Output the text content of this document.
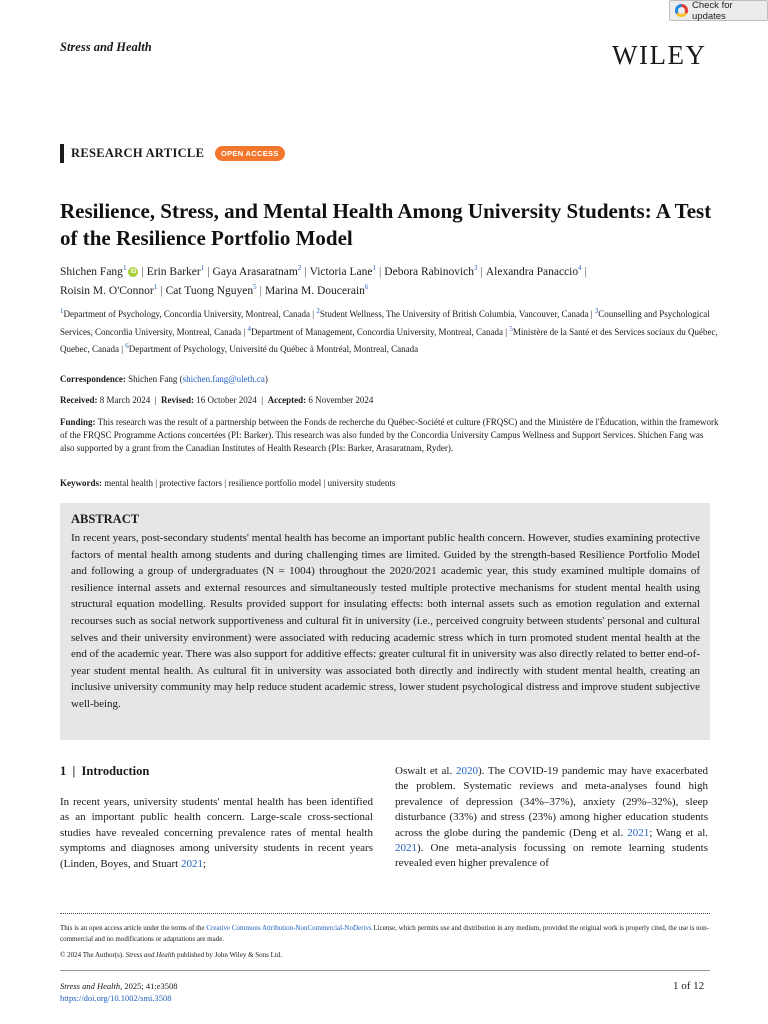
Check for updates
Stress and Health	WILEY
RESEARCH ARTICLE	OPEN ACCESS
Resilience, Stress, and Mental Health Among University Students: A Test of the Resilience Portfolio Model
Shichen Fang$^1$iD | Erin Barker$^1$ | Gaya Arasaratnam$^2$ | Victoria Lane$^1$ | Debora Rabinovich$^3$ | Alexandra Panaccio$^4$ |
Roisin M. O'Connor$^1$ | Cat Tuong Nguyen$^5$ | Marina M. Doucerain$^6$
$^1$Department of Psychology, Concordia University, Montreal, Canada | $^2$Student Wellness, The University of British Columbia, Vancouver, Canada | $^3$Counselling and Psychological Services, Concordia University, Montreal, Canada | $^4$Department of Management, Concordia University, Montreal, Canada | $^5$Ministère de la Santé et des Services sociaux du Québec, Quebec, Canada | $^6$Department of Psychology, Université du Québec à Montréal, Montreal, Canada
Correspondence: Shichen Fang (shichen.fang@uleth.ca)
Received: 8 March 2024  |  Revised: 16 October 2024  |  Accepted: 6 November 2024
Funding: This research was the result of a partnership between the Fonds de recherche du Québec-Société et culture (FRQSC) and the Ministère de l'Éducation, within the framework of the FRQSC Programme Actions concertées (PI: Barker). This research was also funded by the Concordia University Campus Wellness and Support Services. Shichen Fang was also supported by a grant from the Canadian Institutes of Health Research (PIs: Barker, Arasaratnam, Ryder).
Keywords: mental health | protective factors | resilience portfolio model | university students
ABSTRACT

In recent years, post-secondary students' mental health has become an important public health concern. However, studies examining protective factors of mental health among students and during challenging times are limited. Guided by the strength-based Resilience Portfolio Model and following a group of undergraduates (N = 1004) throughout the 2020/2021 academic year, this study examined multiple domains of resilience internal assets and external resources and simultaneously tested multiple protective mechanisms for student mental health using structural equation modelling. Results provided support for insulating effects: both internal assets such as emotion regulation and external recourses such as social network supportiveness and cultural fit in university (i.e., perceived congruity between students' personal and cultural selves and their university environment) were associated with reducing academic stress which in turn promoted student mental health at the end of the academic year. There was also support for additive effects: greater cultural fit in university was also directly related to better end-of-year student mental health. As cultural fit in university was associated both directly and indirectly with student mental health, creating an inclusive university community may help reduce student academic stress, lower student psychological distress and improve student subjective well-being.

1 | Introduction

In recent years, university students' mental health has been identified as an important public health concern. Large-scale cross-sectional studies have revealed concerning prevalence rates of mental health symptoms and diagnoses among university students in recent years (Linden, Boyes, and Stuart 2021;

Oswalt et al. 2020). The COVID-19 pandemic may have exacerbated the problem. Systematic reviews and meta-analyses found high prevalence of depression (34%–37%), anxiety (29%–32%), sleep disturbance (33%) and stress (23%) among higher education students across the globe during the pandemic (Deng et al. 2021; Wang et al. 2021). One meta-analysis focussing on remote learning students revealed even higher prevalence of

This is an open access article under the terms of the Creative Commons Attribution-NonCommercial-NoDerivs License, which permits use and distribution in any medium, provided the original work is properly cited, the use is non-commercial and no modifications or adaptations are made.
© 2024 The Author(s). Stress and Health published by John Wiley & Sons Ltd.
Stress and Health, 2025; 41:e3508
https://doi.org/10.1002/smi.3508
1 of 12
